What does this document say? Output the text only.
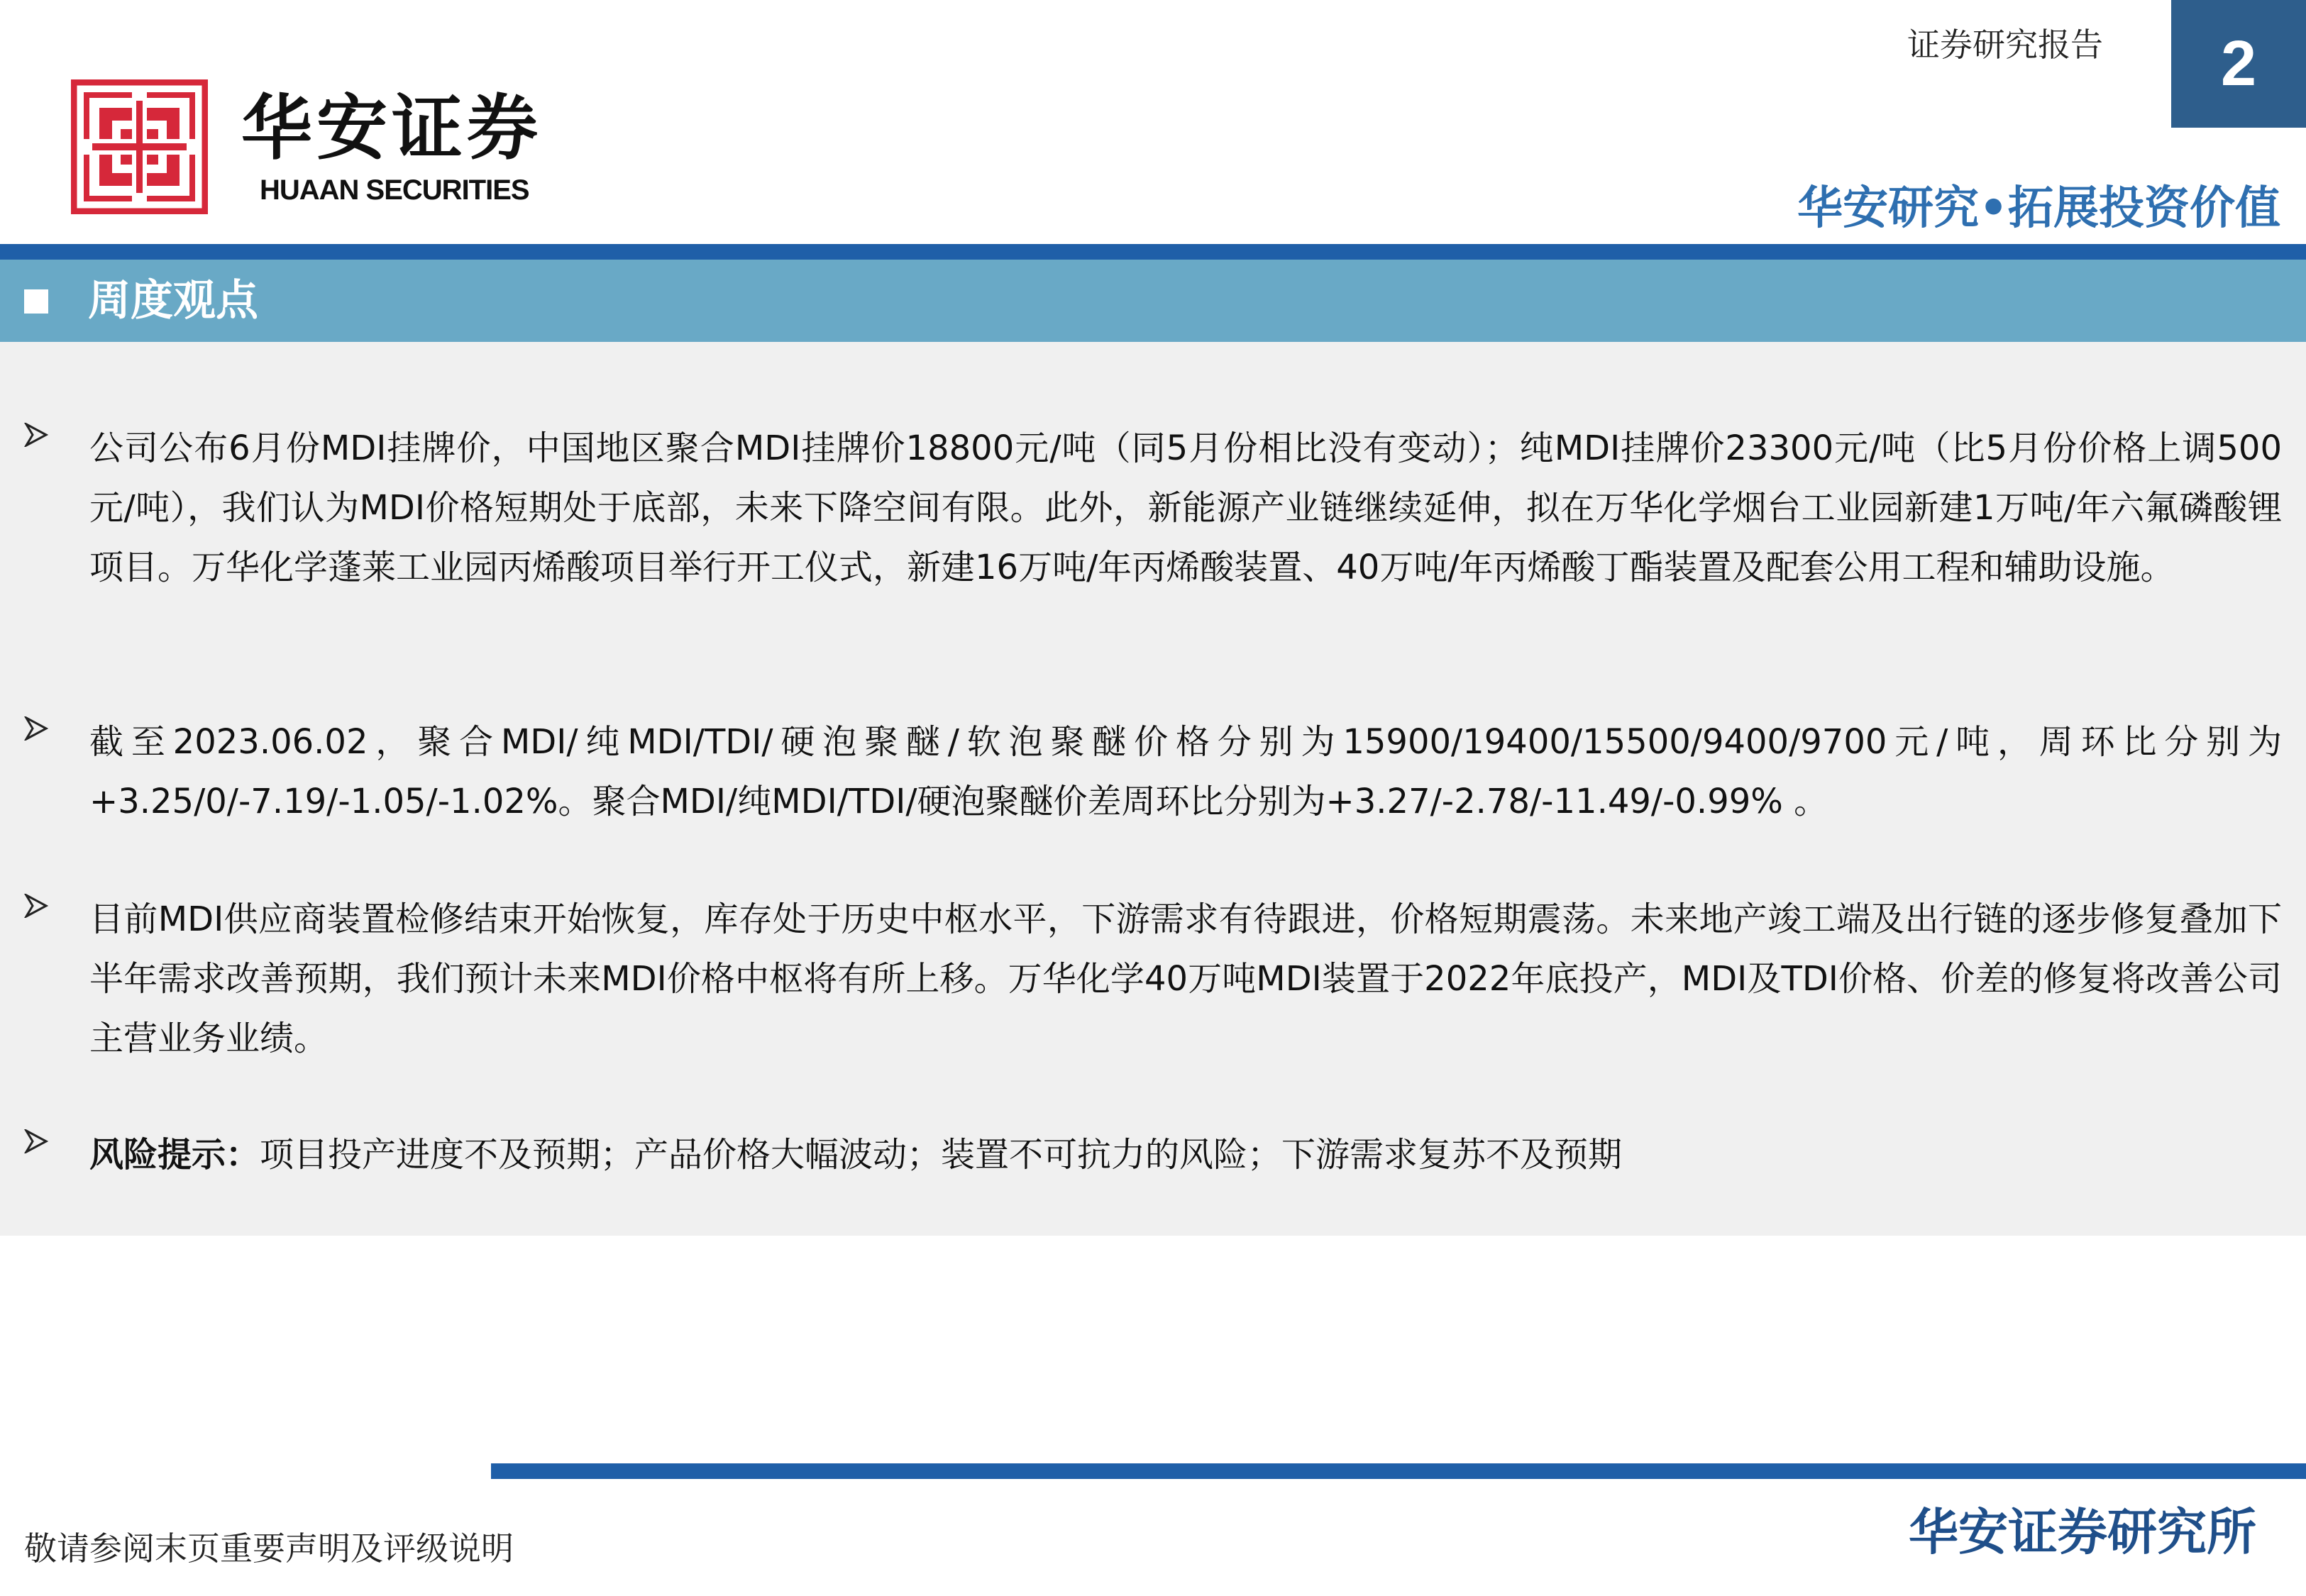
华安证券
HUAAN SECURITIES
证券研究报告 2
华安研究•拓展投资价值
周度观点
公司公布6月份MDI挂牌价，中国地区聚合MDI挂牌价18800元/吨（同5月份相比没有变动）；纯MDI挂牌价23300元/吨（比5月份价格上调500元/吨），我们认为MDI价格短期处于底部，未来下降空间有限。此外，新能源产业链继续延伸，拟在万华化学烟台工业园新建1万吨/年六氟磷酸锂项目。万华化学蓬莱工业园丙烯酸项目举行开工仪式，新建16万吨/年丙烯酸装置、40万吨/年丙烯酸丁酯装置及配套公用工程和辅助设施。
截至2023.06.02，聚合MDI/纯MDI/TDI/硬泡聚醚/软泡聚醚价格分别为15900/19400/15500/9400/9700元/吨，周环比分别为+3.25/0/-7.19/-1.05/-1.02%。聚合MDI/纯MDI/TDI/硬泡聚醚价差周环比分别为+3.27/-2.78/-11.49/-0.99% 。
目前MDI供应商装置检修结束开始恢复，库存处于历史中枢水平，下游需求有待跟进，价格短期震荡。未来地产竣工端及出行链的逐步修复叠加下半年需求改善预期，我们预计未来MDI价格中枢将有所上移。万华化学40万吨MDI装置于2022年底投产，MDI及TDI价格、价差的修复将改善公司主营业务业绩。
风险提示：项目投产进度不及预期；产品价格大幅波动；装置不可抗力的风险；下游需求复苏不及预期
敬请参阅末页重要声明及评级说明	华安证券研究所
